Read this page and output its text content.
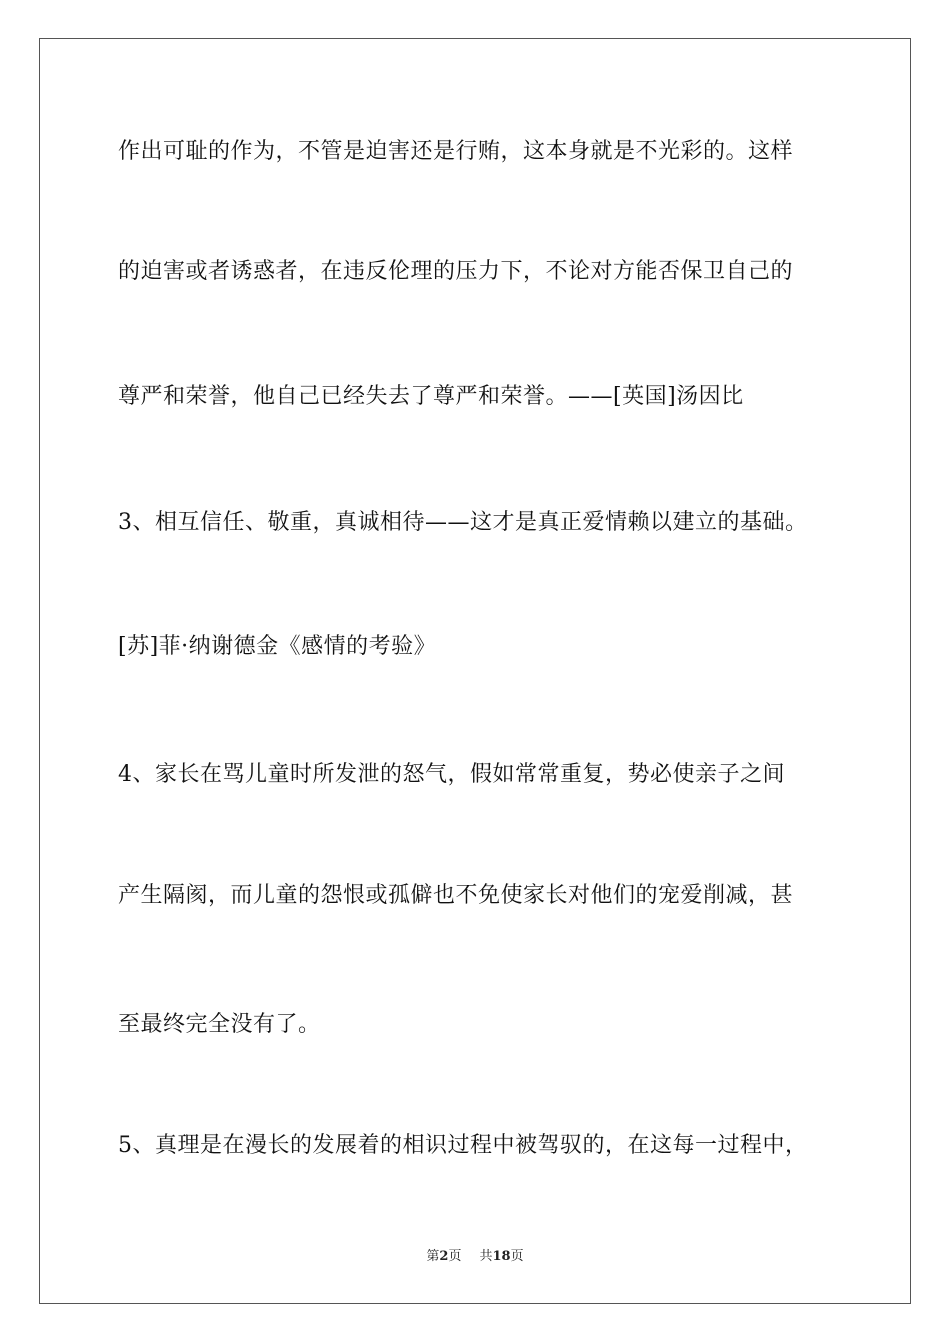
作出可耻的作为，不管是迫害还是行贿，这本身就是不光彩的。这样
的迫害或者诱惑者，在违反伦理的压力下，不论对方能否保卫自己的
尊严和荣誉，他自己已经失去了尊严和荣誉。——[英国]汤因比
3、相互信任、敬重，真诚相待——这才是真正爱情赖以建立的基础。
[苏]菲·纳谢德金《感情的考验》
4、家长在骂儿童时所发泄的怒气，假如常常重复，势必使亲子之间
产生隔阂，而儿童的怨恨或孤僻也不免使家长对他们的宠爱削减，甚
至最终完全没有了。
5、真理是在漫长的发展着的相识过程中被驾驭的，在这每一过程中，
第2页 共18页
